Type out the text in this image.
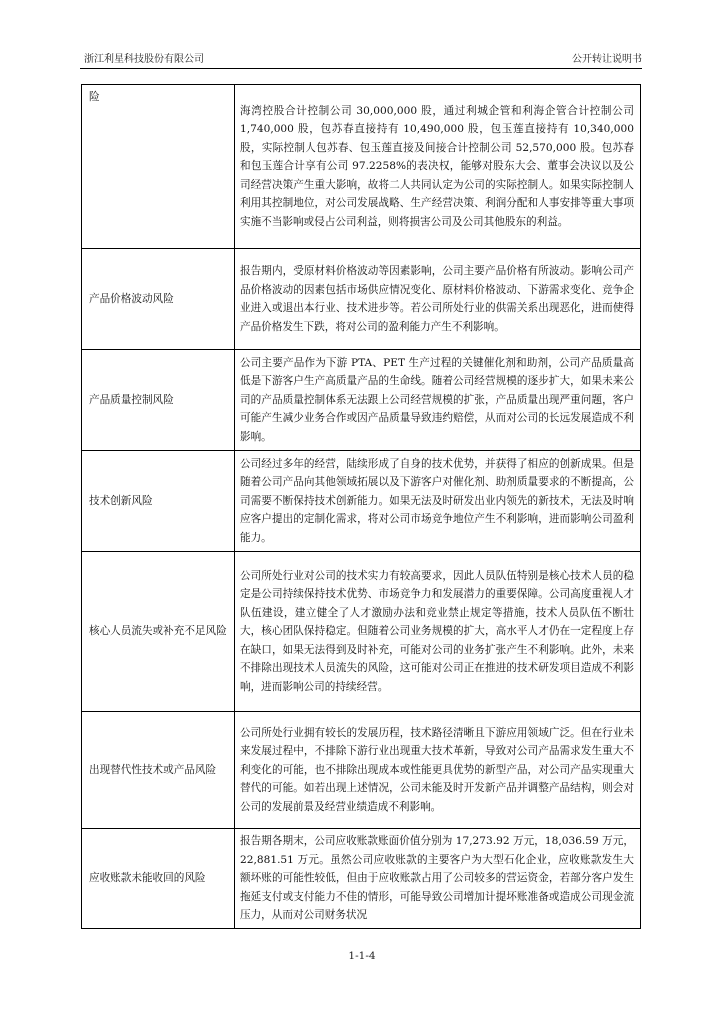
浙江利星科技股份有限公司	公开转让说明书
险	海湾控股合计控制公司 30,000,000 股，通过利城企管和利海企管合计控制公司 1,740,000 股，包苏春直接持有 10,490,000 股，包玉莲直接持有 10,340,000 股，实际控制人包苏春、包玉莲直接及间接合计控制公司 52,570,000 股。包苏春和包玉莲合计享有公司 97.2258%的表决权，能够对股东大会、董事会决议以及公司经营决策产生重大影响，故将二人共同认定为公司的实际控制人。如果实际控制人利用其控制地位，对公司发展战略、生产经营决策、利润分配和人事安排等重大事项实施不当影响或侵占公司利益，则将损害公司及公司其他股东的利益。
产品价格波动风险	报告期内，受原材料价格波动等因素影响，公司主要产品价格有所波动。影响公司产品价格波动的因素包括市场供应情况变化、原材料价格波动、下游需求变化、竞争企业进入或退出本行业、技术进步等。若公司所处行业的供需关系出现恶化，进而使得产品价格发生下跌，将对公司的盈利能力产生不利影响。
产品质量控制风险	公司主要产品作为下游 PTA、PET 生产过程的关键催化剂和助剂，公司产品质量高低是下游客户生产高质量产品的生命线。随着公司经营规模的逐步扩大，如果未来公司的产品质量控制体系无法跟上公司经营规模的扩张，产品质量出现严重问题，客户可能产生减少业务合作或因产品质量导致违约赔偿，从而对公司的长远发展造成不利影响。
技术创新风险	公司经过多年的经营，陆续形成了自身的技术优势，并获得了相应的创新成果。但是随着公司产品向其他领域拓展以及下游客户对催化剂、助剂质量要求的不断提高，公司需要不断保持技术创新能力。如果无法及时研发出业内领先的新技术，无法及时响应客户提出的定制化需求，将对公司市场竞争地位产生不利影响，进而影响公司盈利能力。
核心人员流失或补充不足风险	公司所处行业对公司的技术实力有较高要求，因此人员队伍特别是核心技术人员的稳定是公司持续保持技术优势、市场竞争力和发展潜力的重要保障。公司高度重视人才队伍建设，建立健全了人才激励办法和竞业禁止规定等措施，技术人员队伍不断壮大，核心团队保持稳定。但随着公司业务规模的扩大，高水平人才仍在一定程度上存在缺口，如果无法得到及时补充，可能对公司的业务扩张产生不利影响。此外，未来不排除出现技术人员流失的风险，这可能对公司正在推进的技术研发项目造成不利影响，进而影响公司的持续经营。
出现替代性技术或产品风险	公司所处行业拥有较长的发展历程，技术路径清晰且下游应用领域广泛。但在行业未来发展过程中，不排除下游行业出现重大技术革新，导致对公司产品需求发生重大不利变化的可能，也不排除出现成本或性能更具优势的新型产品，对公司产品实现重大替代的可能。如若出现上述情况，公司未能及时开发新产品并调整产品结构，则会对公司的发展前景及经营业绩造成不利影响。
应收账款未能收回的风险	报告期各期末，公司应收账款账面价值分别为 17,273.92 万元，18,036.59 万元，22,881.51 万元。虽然公司应收账款的主要客户为大型石化企业，应收账款发生大额坏账的可能性较低，但由于应收账款占用了公司较多的营运资金，若部分客户发生拖延支付或支付能力不佳的情形，可能导致公司增加计提坏账准备或造成公司现金流压力，从而对公司财务状况
1-1-4
